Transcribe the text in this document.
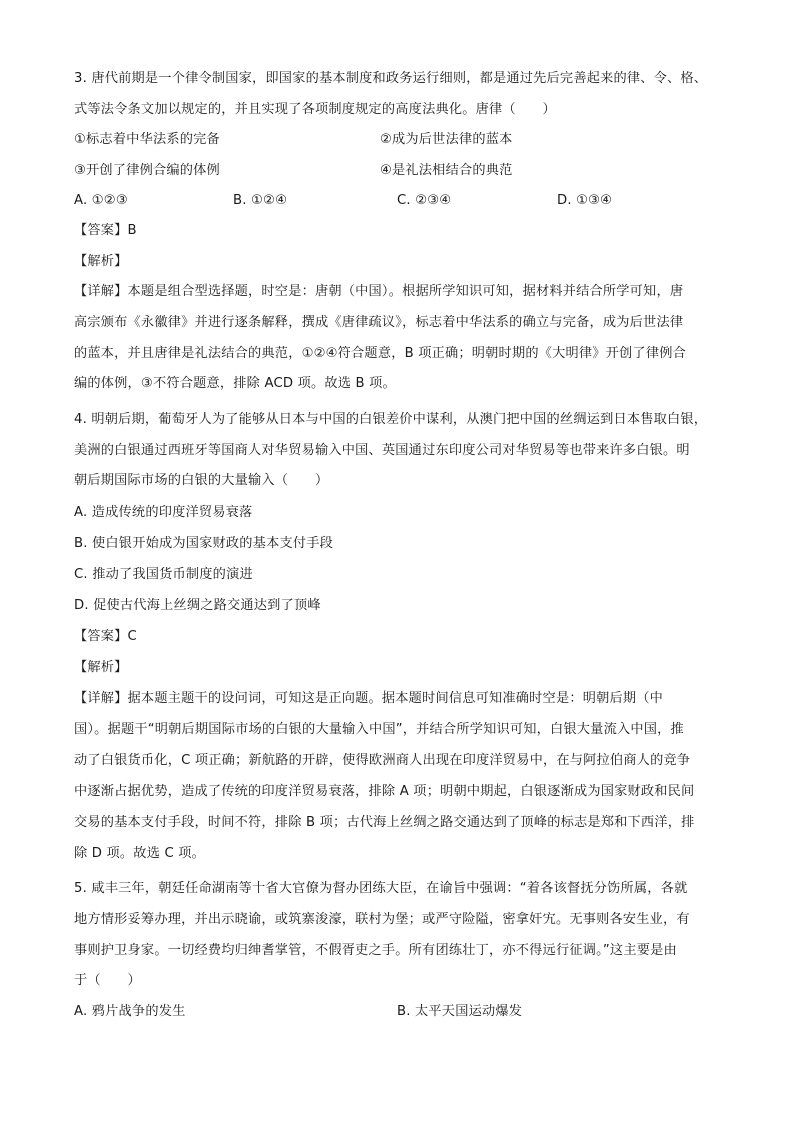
3. 唐代前期是一个律令制国家，即国家的基本制度和政务运行细则，都是通过先后完善起来的律、令、格、
式等法令条文加以规定的，并且实现了各项制度规定的高度法典化。唐律（　　）
①标志着中华法系的完备	②成为后世法律的蓝本
③开创了律例合编的体例	④是礼法相结合的典范
A. ①②③	B. ①②④	C. ②③④	D. ①③④
【答案】B
【解析】
【详解】本题是组合型选择题，时空是：唐朝（中国）。根据所学知识可知，据材料并结合所学可知，唐
高宗颁布《永徽律》并进行逐条解释，撰成《唐律疏议》，标志着中华法系的确立与完备，成为后世法律
的蓝本，并且唐律是礼法结合的典范，①②④符合题意，B 项正确；明朝时期的《大明律》开创了律例合
编的体例，③不符合题意，排除 ACD 项。故选 B 项。
4. 明朝后期，葡萄牙人为了能够从日本与中国的白银差价中谋利，从澳门把中国的丝绸运到日本售取白银，
美洲的白银通过西班牙等国商人对华贸易输入中国、英国通过东印度公司对华贸易等也带来许多白银。明
朝后期国际市场的白银的大量输入（　　）
A. 造成传统的印度洋贸易衰落
B. 使白银开始成为国家财政的基本支付手段
C. 推动了我国货币制度的演进
D. 促使古代海上丝绸之路交通达到了顶峰
【答案】C
【解析】
【详解】据本题主题干的设问词，可知这是正向题。据本题时间信息可知准确时空是：明朝后期（中
国）。据题干“明朝后期国际市场的白银的大量输入中国”，并结合所学知识可知，白银大量流入中国，推
动了白银货币化，C 项正确；新航路的开辟，使得欧洲商人出现在印度洋贸易中，在与阿拉伯商人的竞争
中逐渐占据优势，造成了传统的印度洋贸易衰落，排除 A 项；明朝中期起，白银逐渐成为国家财政和民间
交易的基本支付手段，时间不符，排除 B 项；古代海上丝绸之路交通达到了顶峰的标志是郑和下西洋，排
除 D 项。故选 C 项。
5. 咸丰三年，朝廷任命湖南等十省大官僚为督办团练大臣，在谕旨中强调：“着各该督抚分饬所属，各就
地方情形妥筹办理，并出示晓谕，或筑寨浚濠，联村为堡；或严守险隘，密拿奸宄。无事则各安生业，有
事则护卫身家。一切经费均归绅耆掌管，不假胥吏之手。所有团练壮丁，亦不得远行征调。”这主要是由
于（　　）
A. 鸦片战争的发生	B. 太平天国运动爆发
